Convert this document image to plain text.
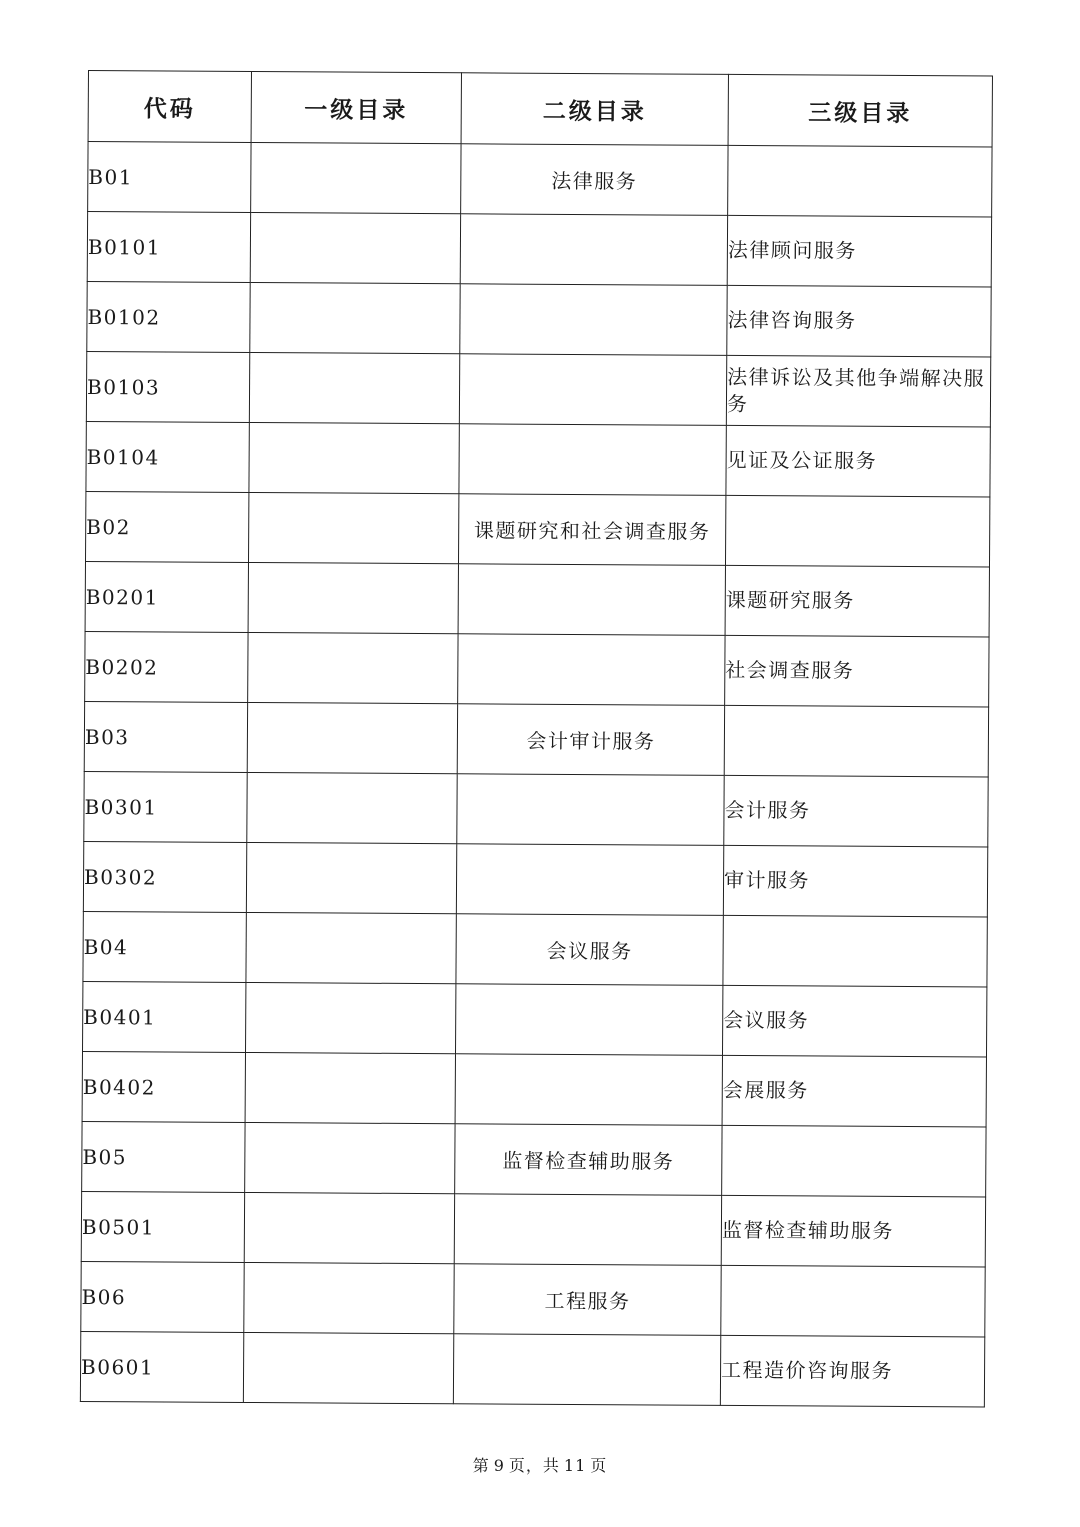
代码	一级目录	二级目录	三级目录
B01		法律服务	
B0101			法律顾问服务
B0102			法律咨询服务
B0103			法律诉讼及其他争端解决服务
B0104			见证及公证服务
B02		课题研究和社会调查服务	
B0201			课题研究服务
B0202			社会调查服务
B03		会计审计服务	
B0301			会计服务
B0302			审计服务
B04		会议服务	
B0401			会议服务
B0402			会展服务
B05		监督检查辅助服务	
B0501			监督检查辅助服务
B06		工程服务	
B0601			工程造价咨询服务
第 9 页，共 11 页
